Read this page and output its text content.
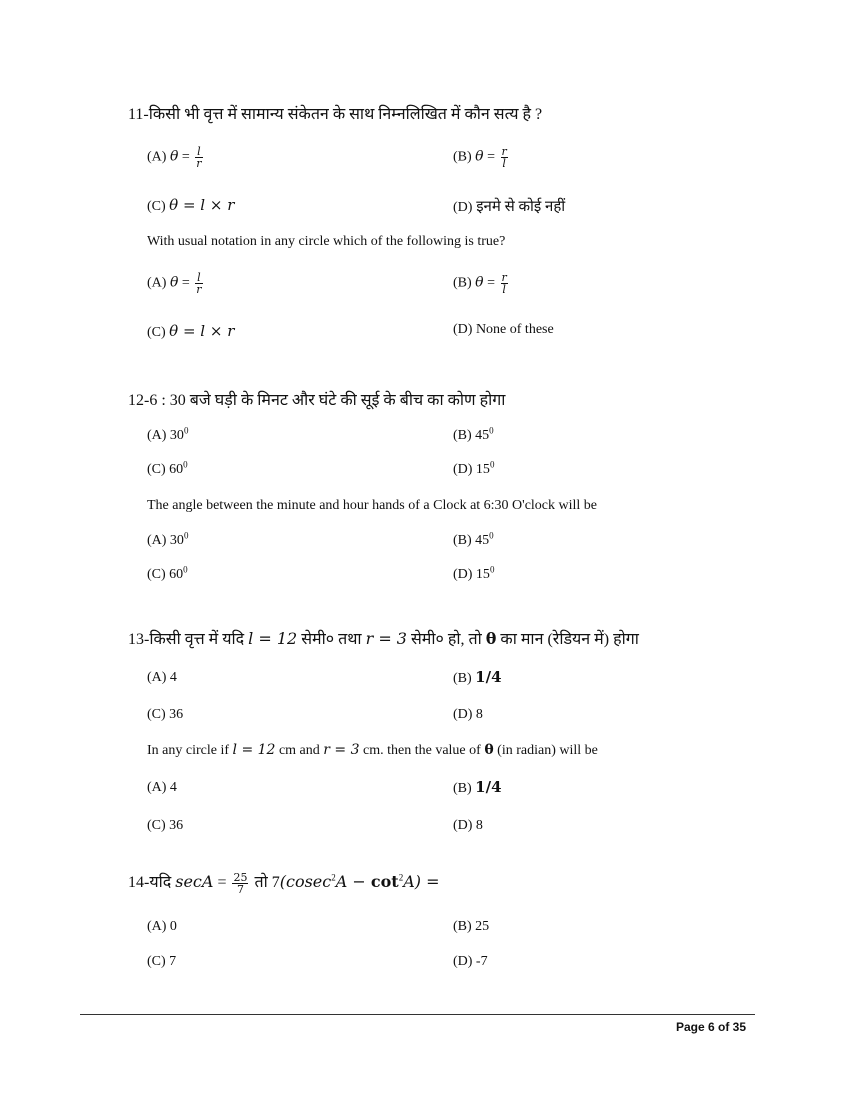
11-किसी भी वृत्त में सामान्य संकेतन के साथ निम्नलिखित में कौन सत्य है ?
(A) $\theta = \frac{l}{r}$	(B) $\theta = \frac{r}{l}$
(C) θ = l × r	(D) इनमे से कोई नहीं
With usual notation in any circle which of the following is true?
(A) $\theta = \frac{l}{r}$	(B) $\theta = \frac{r}{l}$
(C) θ = l × r	(D) None of these
12-6 : 30 बजे घड़ी के मिनट और घंटे की सूई के बीच का कोण होगा
(A) $30^0$	(B) $45^0$
(C) $60^0$	(D) $15^0$
The angle between the minute and hour hands of a Clock at 6:30 O'clock will be
(A) $30^0$	(B) $45^0$
(C) $60^0$	(D) $15^0$
13-किसी वृत्त में यदि l = 12 सेमी० तथा r = 3 सेमी० हो, तो θ का मान (रेडियन में) होगा
(A) 4	(B) 1/4
(C) 36	(D) 8
In any circle if l = 12 cm and r = 3 cm. then the value of θ (in radian) will be
(A) 4	(B) 1/4
(C) 36	(D) 8
14-यदि $\sec A = \frac{25}{7}$ तो $7(cosec^2A - \cot^2A)$ =
(A) 0	(B) 25
(C) 7	(D) -7
Page 6 of 35
